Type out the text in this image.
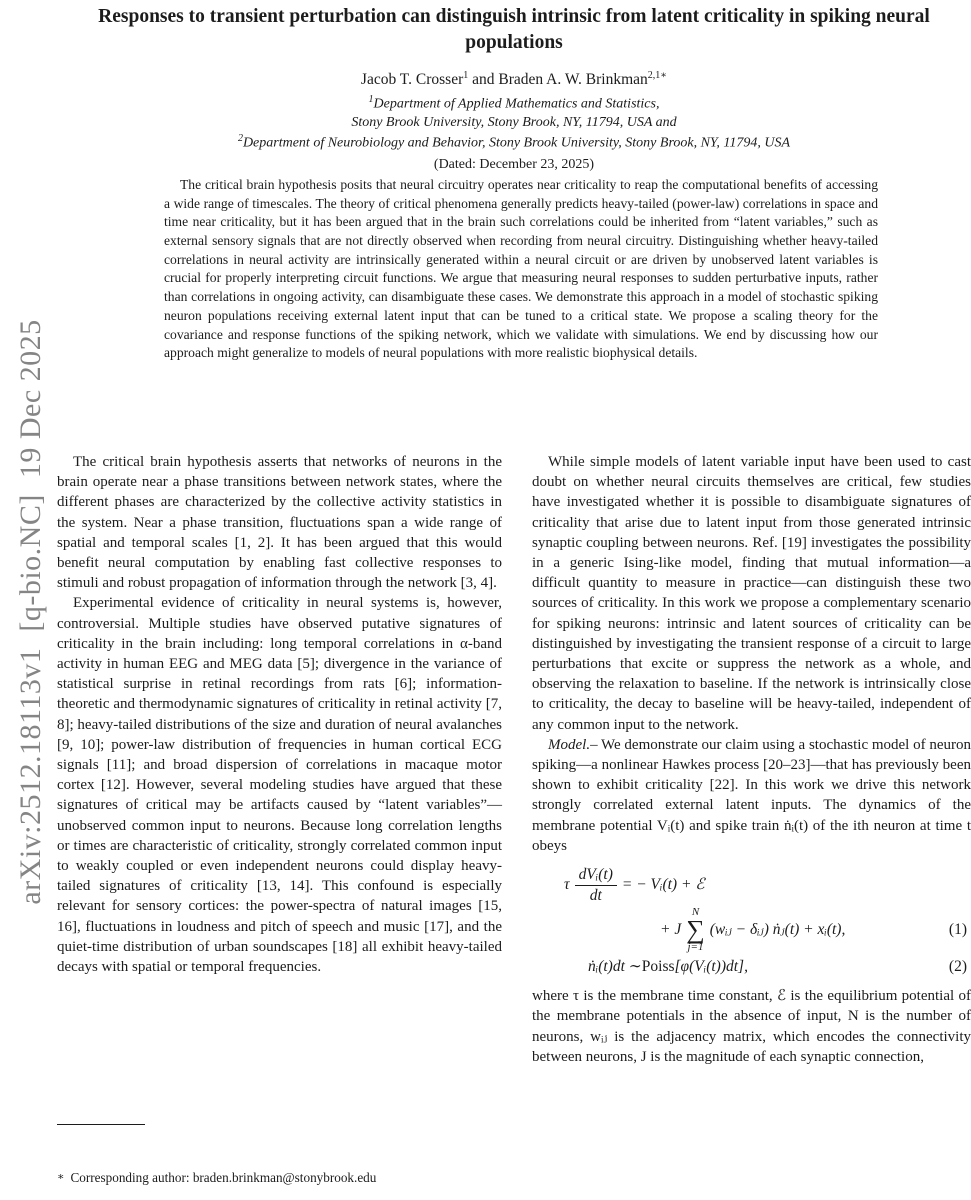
arXiv:2512.18113v1  [q-bio.NC]  19 Dec 2025
Responses to transient perturbation can distinguish intrinsic from latent criticality in spiking neural populations
Jacob T. Crosser$^1$ and Braden A. W. Brinkman$^{2,1∗}$
$^1$Department of Applied Mathematics and Statistics,
Stony Brook University, Stony Brook, NY, 11794, USA and
$^2$Department of Neurobiology and Behavior, Stony Brook University, Stony Brook, NY, 11794, USA
(Dated: December 23, 2025)
The critical brain hypothesis posits that neural circuitry operates near criticality to reap the computational benefits of accessing a wide range of timescales. The theory of critical phenomena generally predicts heavy-tailed (power-law) correlations in space and time near criticality, but it has been argued that in the brain such correlations could be inherited from “latent variables,” such as external sensory signals that are not directly observed when recording from neural circuitry. Distinguishing whether heavy-tailed correlations in neural activity are intrinsically generated within a neural circuit or are driven by unobserved latent variables is crucial for properly interpreting circuit functions. We argue that measuring neural responses to sudden perturbative inputs, rather than correlations in ongoing activity, can disambiguate these cases. We demonstrate this approach in a model of stochastic spiking neuron populations receiving external latent input that can be tuned to a critical state. We propose a scaling theory for the covariance and response functions of the spiking network, which we validate with simulations. We end by discussing how our approach might generalize to models of neural populations with more realistic biophysical details.

The critical brain hypothesis asserts that networks of neurons in the brain operate near a phase transitions between network states, where the different phases are characterized by the collective activity statistics in the system. Near a phase transition, fluctuations span a wide range of spatial and temporal scales [1, 2]. It has been argued that this would benefit neural computation by enabling fast collective responses to stimuli and robust propagation of information through the network [3, 4].

Experimental evidence of criticality in neural systems is, however, controversial. Multiple studies have observed putative signatures of criticality in the brain including: long temporal correlations in α-band activity in human EEG and MEG data [5]; divergence in the variance of statistical surprise in retinal recordings from rats [6]; information-theoretic and thermodynamic signatures of criticality in retinal activity [7, 8]; heavy-tailed distributions of the size and duration of neural avalanches [9, 10]; power-law distribution of frequencies in human cortical ECG signals [11]; and broad dispersion of correlations in macaque motor cortex [12]. However, several modeling studies have argued that these signatures of critical may be artifacts caused by “latent variables”—unobserved common input to neurons. Because long correlation lengths or times are characteristic of criticality, strongly correlated common input to weakly coupled or even independent neurons could display heavy-tailed signatures of criticality [13, 14]. This confound is especially relevant for sensory cortices: the power-spectra of natural images [15, 16], fluctuations in loudness and pitch of speech and music [17], and the quiet-time distribution of urban soundscapes [18] all exhibit heavy-tailed decays with spatial or temporal frequencies.

While simple models of latent variable input have been used to cast doubt on whether neural circuits themselves are critical, few studies have investigated whether it is possible to disambiguate signatures of criticality that arise due to latent input from those generated intrinsic synaptic coupling between neurons. Ref. [19] investigates the possibility in a generic Ising-like model, finding that mutual information—a difficult quantity to measure in practice—can distinguish these two sources of criticality. In this work we propose a complementary scenario for spiking neurons: intrinsic and latent sources of criticality can be distinguished by investigating the transient response of a circuit to large perturbations that excite or suppress the network as a whole, and observing the relaxation to baseline. If the network is intrinsically close to criticality, the decay to baseline will be heavy-tailed, independent of any common input to the network.

Model.– We demonstrate our claim using a stochastic model of neuron spiking—a nonlinear Hawkes process [20–23]—that has previously been shown to exhibit criticality [22]. In this work we drive this network strongly correlated external latent inputs. The dynamics of the membrane potential Vᵢ(t) and spike train ṅᵢ(t) of the ith neuron at time t obeys

τ $\frac{\text{dVᵢ(t)}}{dt}$ = − Vᵢ(t) + ℰ
+ J
N
∑
j=1
(wᵢⱼ − δᵢⱼ) ṅⱼ(t) + xᵢ(t),	(1)
ṅᵢ(t)dt ∼ Poiss [φ(Vᵢ(t))dt],	(2)

where τ is the membrane time constant, ℰ is the equilibrium potential of the membrane potentials in the absence of input, N is the number of neurons, wᵢⱼ is the adjacency matrix, which encodes the connectivity between neurons, J is the magnitude of each synaptic connection,

∗ Corresponding author: braden.brinkman@stonybrook.edu
